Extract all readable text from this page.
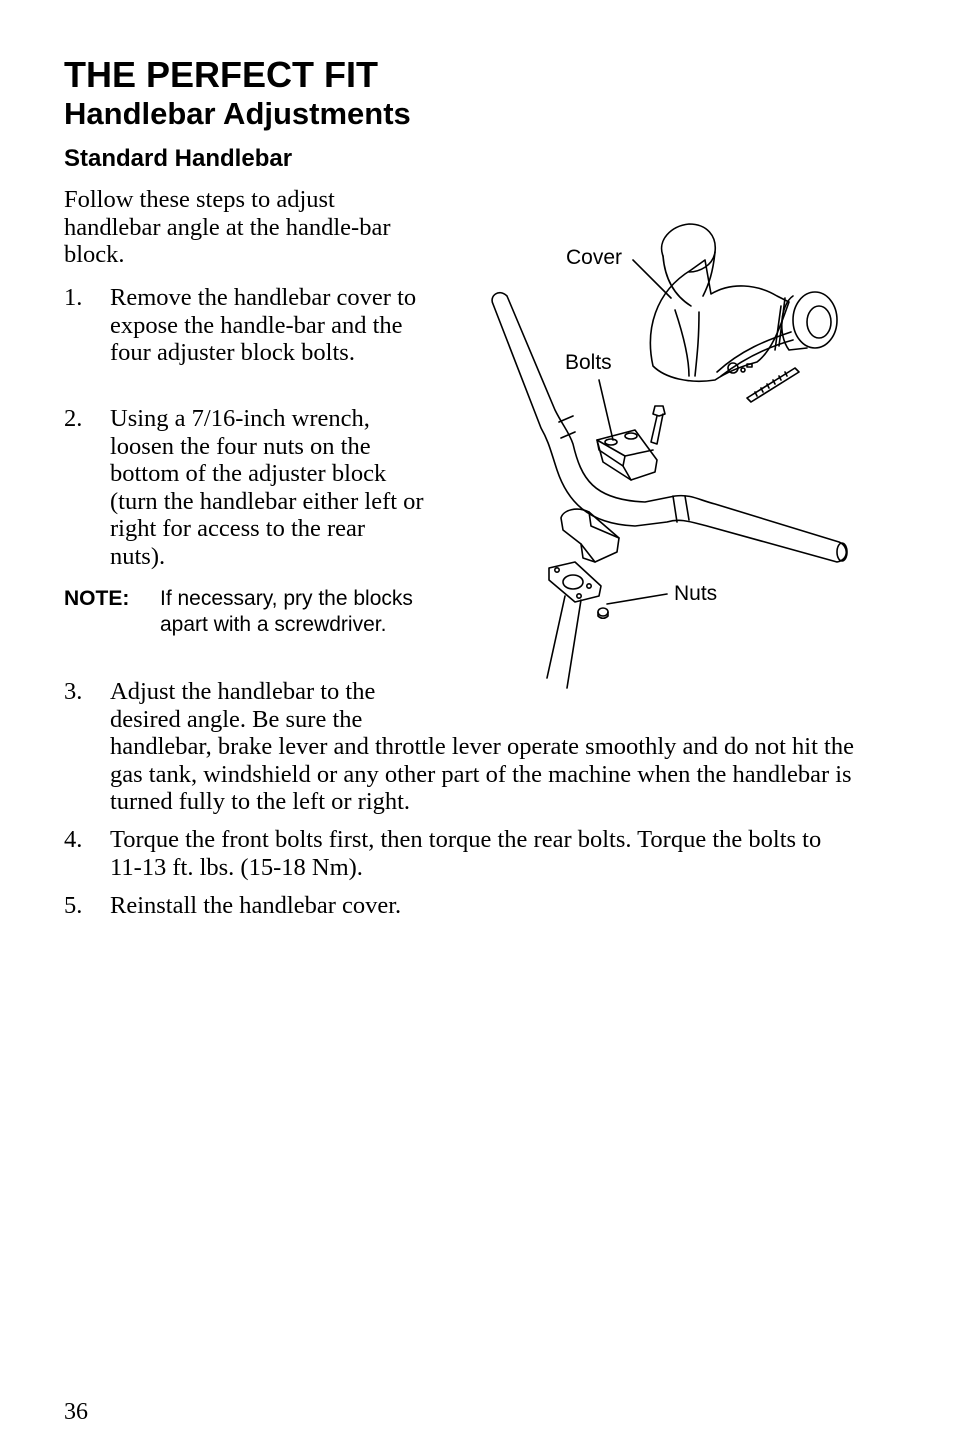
THE PERFECT FIT
Handlebar Adjustments
Standard Handlebar
Follow these steps to adjust handlebar angle at the handle-bar block.
1. Remove the handlebar cover to expose the handle-bar and the four adjuster block bolts.
2. Using a 7/16-inch wrench, loosen the four nuts on the bottom of the adjuster block (turn the handlebar either left or right for access to the rear nuts).
NOTE: If necessary, pry the blocks apart with a screwdriver.
3. Adjust the handlebar to the desired angle. Be sure the
handlebar, brake lever and throttle lever operate smoothly and do not hit the gas tank, windshield or any other part of the machine when the handlebar is turned fully to the left or right.
4. Torque the front bolts first, then torque the rear bolts. Torque the bolts to 11-13 ft. lbs. (15-18 Nm).
5. Reinstall the handlebar cover.
Cover
Bolts
Nuts
36
